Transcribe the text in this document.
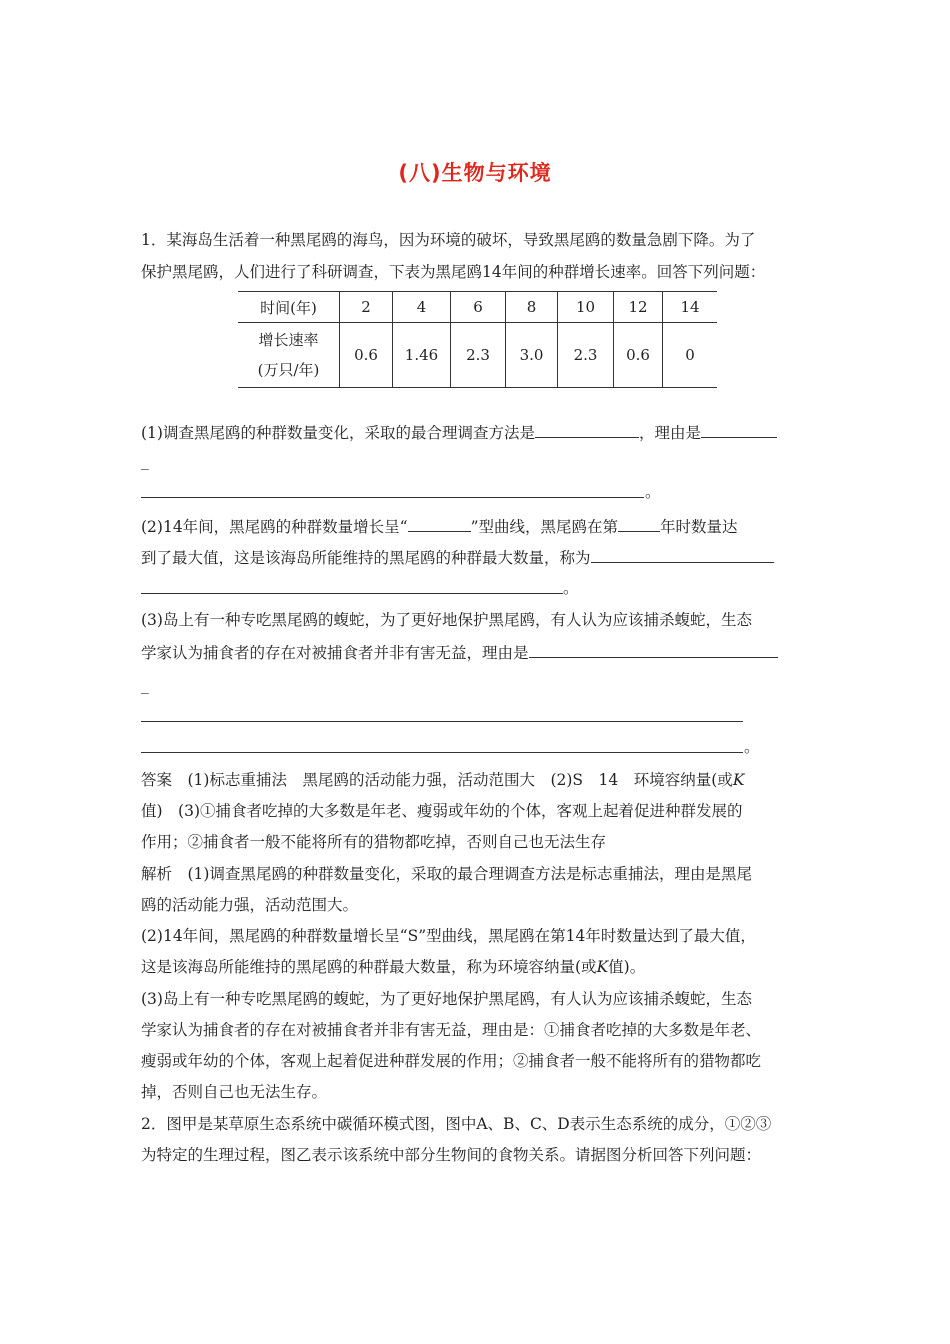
(八)生物与环境
1．某海岛生活着一种黑尾鸥的海鸟，因为环境的破坏，导致黑尾鸥的数量急剧下降。为了
保护黑尾鸥，人们进行了科研调查，下表为黑尾鸥14年间的种群增长速率。回答下列问题：
时间(年)	2	4	6	8	10	12	14

增长速率
(万只/年)	0.6	1.46	2.3	3.0	2.3	0.6	0
(1)调查黑尾鸥的种群数量变化，采取的最合理调查方法是	，理由是
_
。
(2)14年间，黑尾鸥的种群数量增长呈“	”型曲线，黑尾鸥在第	年时数量达
到了最大值，这是该海岛所能维持的黑尾鸥的种群最大数量，称为
。
(3)岛上有一种专吃黑尾鸥的蝮蛇，为了更好地保护黑尾鸥，有人认为应该捕杀蝮蛇，生态
学家认为捕食者的存在对被捕食者并非有害无益，理由是
_
。
答案　(1)标志重捕法　黑尾鸥的活动能力强，活动范围大　(2)S　14　环境容纳量(或K
值)　(3)①捕食者吃掉的大多数是年老、瘦弱或年幼的个体，客观上起着促进种群发展的
作用；②捕食者一般不能将所有的猎物都吃掉，否则自己也无法生存
解析　(1)调查黑尾鸥的种群数量变化，采取的最合理调查方法是标志重捕法，理由是黑尾
鸥的活动能力强，活动范围大。
(2)14年间，黑尾鸥的种群数量增长呈“S”型曲线，黑尾鸥在第14年时数量达到了最大值，
这是该海岛所能维持的黑尾鸥的种群最大数量，称为环境容纳量(或K值)。
(3)岛上有一种专吃黑尾鸥的蝮蛇，为了更好地保护黑尾鸥，有人认为应该捕杀蝮蛇，生态
学家认为捕食者的存在对被捕食者并非有害无益，理由是：①捕食者吃掉的大多数是年老、
瘦弱或年幼的个体，客观上起着促进种群发展的作用；②捕食者一般不能将所有的猎物都吃
掉，否则自己也无法生存。
2．图甲是某草原生态系统中碳循环模式图，图中A、B、C、D表示生态系统的成分，①②③
为特定的生理过程，图乙表示该系统中部分生物间的食物关系。请据图分析回答下列问题：
